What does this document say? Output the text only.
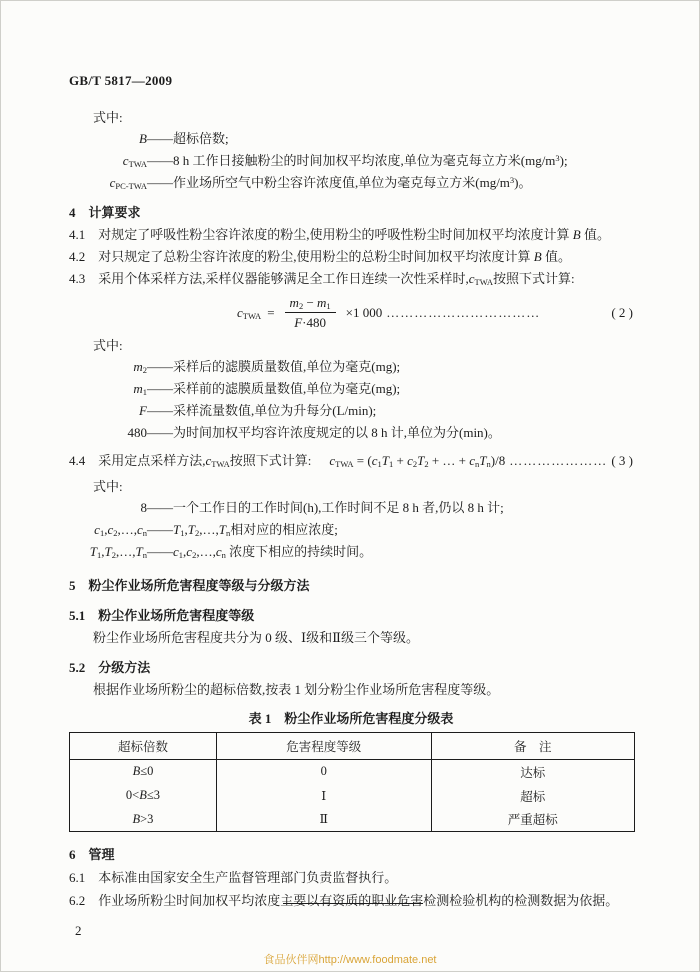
GB/T 5817—2009
式中:
B ——超标倍数;
$c_{TWA}$ ——8 h 工作日接触粉尘的时间加权平均浓度,单位为毫克每立方米$(mg/m^3)$;
$c_{PC-TWA}$ ——作业场所空气中粉尘容许浓度值,单位为毫克每立方米$(mg/m^3)$。
4　计算要求
4.1　对规定了呼吸性粉尘容许浓度的粉尘,使用粉尘的呼吸性粉尘时间加权平均浓度计算 B 值。
4.2　对只规定了总粉尘容许浓度的粉尘,使用粉尘的总粉尘时间加权平均浓度计算 B 值。
4.3　采用个体采样方法,采样仪器能够满足全工作日连续一次性采样时$,c_{TWA}$按照下式计算:
$c_{TWA} = \frac{m_2 - m_1}{F\cdot 480} \times 1$ 000 ……………………………	( 2 )
式中:
$m_2$ ——采样后的滤膜质量数值,单位为毫克(mg);
$m_1$ ——采样前的滤膜质量数值,单位为毫克(mg);
F ——采样流量数值,单位为升每分(L/min);
480 ——为时间加权平均容许浓度规定的以 8 h 计,单位为分(min)。
4.4　采用定点采样方法$,c_{TWA}$按照下式计算: $c_{TWA} = (c_1T_1 + c_2T_2$ + … + $c_nT_n)/8$ ………………… ( 3 )
式中:
8 ——一个工作日的工作时间(h),工作时间不足 8 h 者,仍以 8 h 计;
$c_1,c_2,\dots,c_n$ $——T_1,T_2,\dots,T_n$相对应的相应浓度;
$T_1,T_2,\dots,T_n$ $——c_1,c_2,\dots,c_n$ 浓度下相应的持续时间。
5　粉尘作业场所危害程度等级与分级方法
5.1　粉尘作业场所危害程度等级
粉尘作业场所危害程度共分为 0 级、Ⅰ级和Ⅱ级三个等级。
5.2　分级方法
根据作业场所粉尘的超标倍数,按表 1 划分粉尘作业场所危害程度等级。
表 1　粉尘作业场所危害程度分级表
超标倍数	危害程度等级	备　注
B≤0	0	达标
0<B≤3	Ⅰ	超标
B>3	Ⅱ	严重超标
6　管理
6.1　本标准由国家安全生产监督管理部门负责监督执行。
6.2　作业场所粉尘时间加权平均浓度主要以有资质的职业危害检测检验机构的检测数据为依据。
2
食品伙伴网http://www.foodmate.net
